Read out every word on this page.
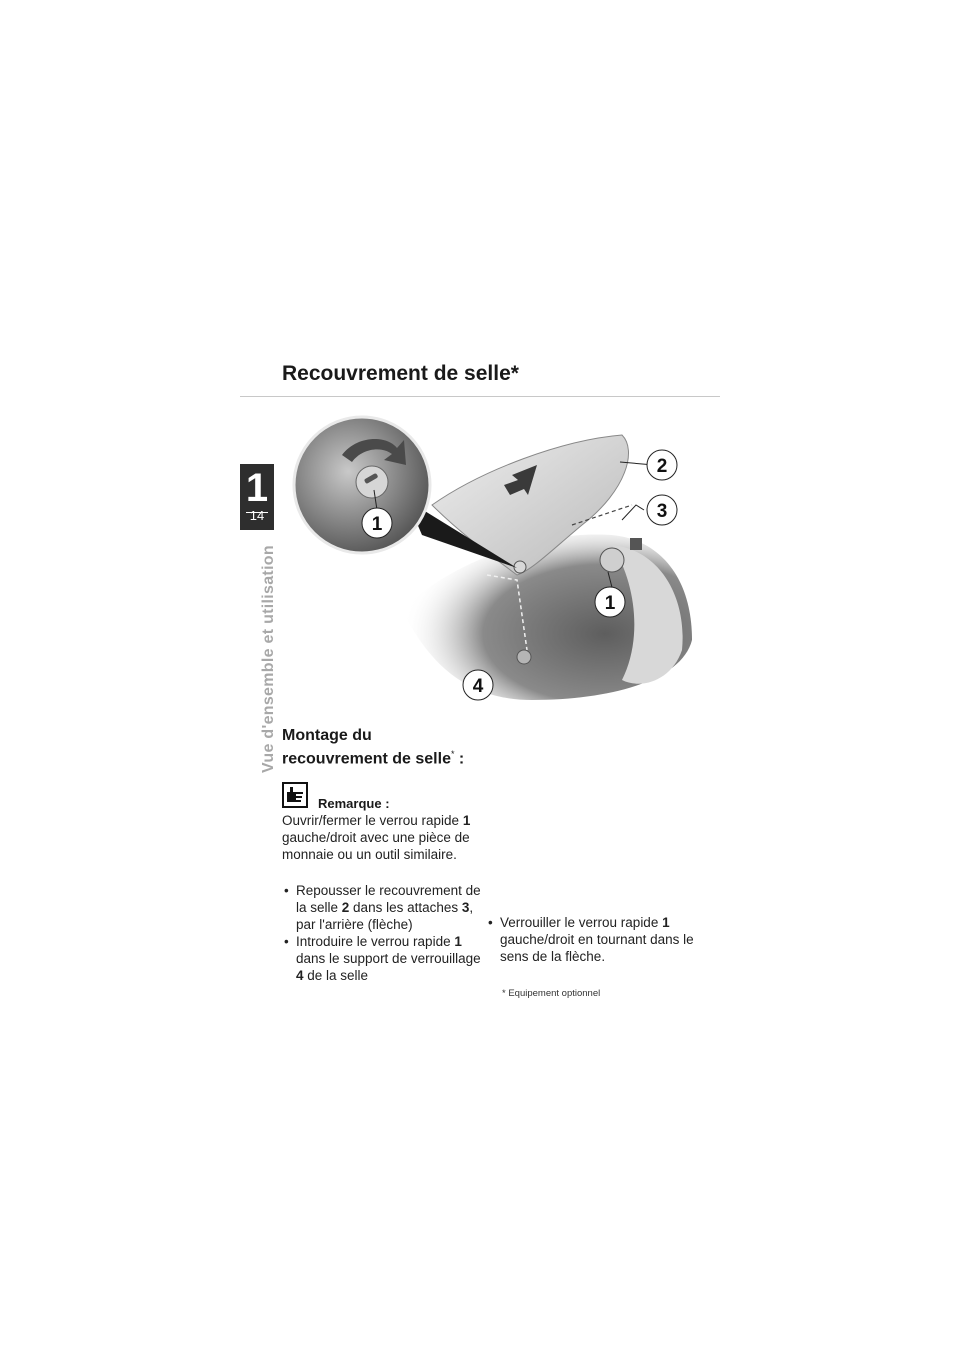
1
14
Vue d'ensemble et utilisation
Recouvrement de selle*
1
2
3
1
4
Montage du recouvrement de selle* :
Remarque :
Ouvrir/fermer le verrou rapide 1 gauche/droit avec une pièce de monnaie ou un outil similaire.
• Repousser le recouvrement de la selle 2 dans les attaches 3, par l'arrière (flèche)
• Introduire le verrou rapide 1 dans le support de verrouillage 4 de la selle
• Verrouiller le verrou rapide 1 gauche/droit en tournant dans le sens de la flèche.
* Equipement optionnel
